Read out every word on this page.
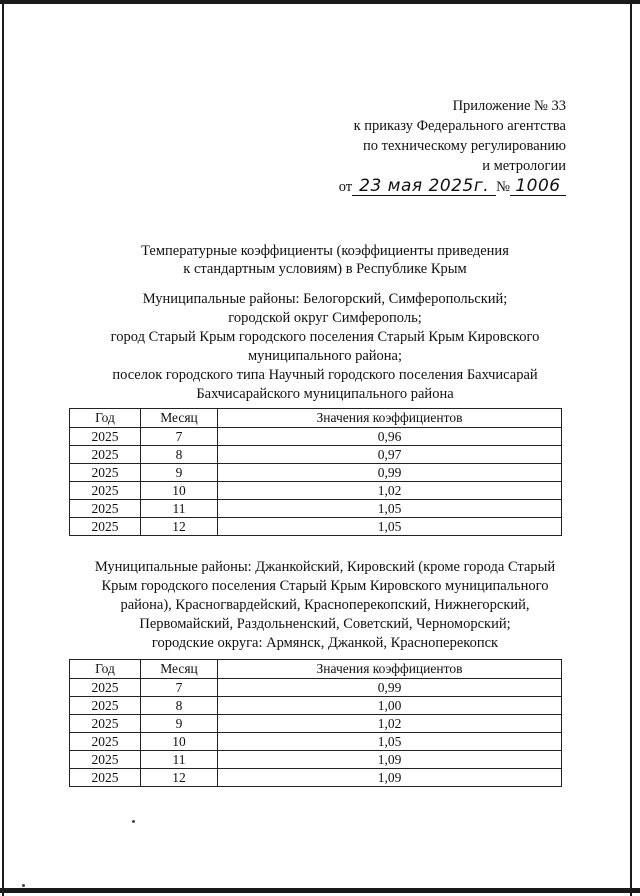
Приложение № 33
к приказу Федерального агентства
по техническому регулированию
и метрологии
от 23 мая 2025г. № 1006
Температурные коэффициенты (коэффициенты приведения
к стандартным условиям) в Республике Крым
Муниципальные районы: Белогорский, Симферопольский;
городской округ Симферополь;
город Старый Крым городского поселения Старый Крым Кировского
муниципального района;
поселок городского типа Научный городского поселения Бахчисарай
Бахчисарайского муниципального района
Год	Месяц	Значения коэффициентов
2025	7	0,96
2025	8	0,97
2025	9	0,99
2025	10	1,02
2025	11	1,05
2025	12	1,05
Муниципальные районы: Джанкойский, Кировский (кроме города Старый
Крым городского поселения Старый Крым Кировского муниципального
района), Красногвардейский, Красноперекопский, Нижнегорский,
Первомайский, Раздольненский, Советский, Черноморский;
городские округа: Армянск, Джанкой, Красноперекопск
Год	Месяц	Значения коэффициентов
2025	7	0,99
2025	8	1,00
2025	9	1,02
2025	10	1,05
2025	11	1,09
2025	12	1,09
